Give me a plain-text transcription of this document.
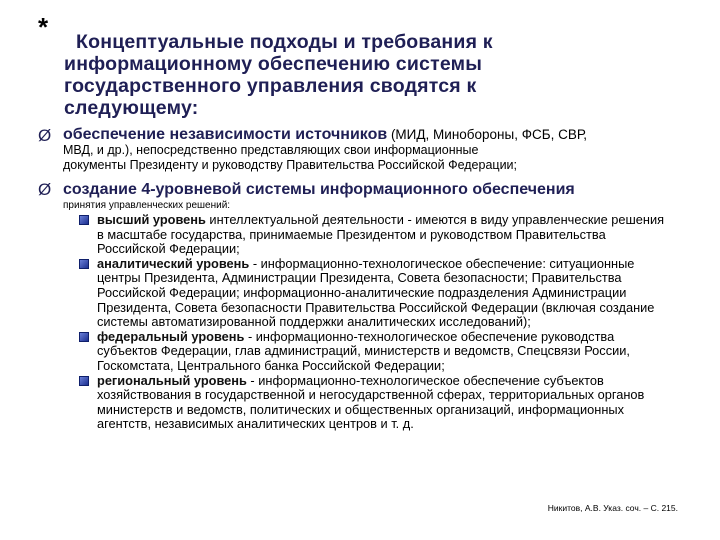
*	Концептуальные подходы и требования к
информационному обеспечению системы
государственного управления сводятся к
следующему:
Ø обеспечение независимости источников (МИД, Минобороны, ФСБ, СВР,
МВД, и др.), непосредственно представляющих свои информационные
документы Президенту и руководству Правительства Российской Федерации;
Ø создание 4-уровневой системы информационного обеспечения
принятия управленческих решений:
высший уровень интеллектуальной деятельности - имеются в виду управленческие решения в масштабе государства, принимаемые Президентом и руководством Правительства Российской Федерации;
аналитический уровень - информационно-технологическое обеспечение: ситуационные центры Президента, Администрации Президента, Совета безопасности; Правительства Российской Федерации; информационно-аналитические подразделения Администрации Президента, Совета безопасности Правительства Российской Федерации (включая создание системы автоматизированной поддержки аналитических исследований);
федеральный уровень - информационно-технологическое обеспечение руководства субъектов Федерации, глав администраций, министерств и ведомств, Спецсвязи России, Госкомстата, Центрального банка Российской Федерации;
региональный уровень - информационно-технологическое обеспечение субъектов хозяйствования в государственной и негосударственной сферах, территориальных органов министерств и ведомств, политических и общественных организаций, информационных агентств, независимых аналитических центров и т. д.
Никитов, А.В. Указ. соч. – С. 215.
